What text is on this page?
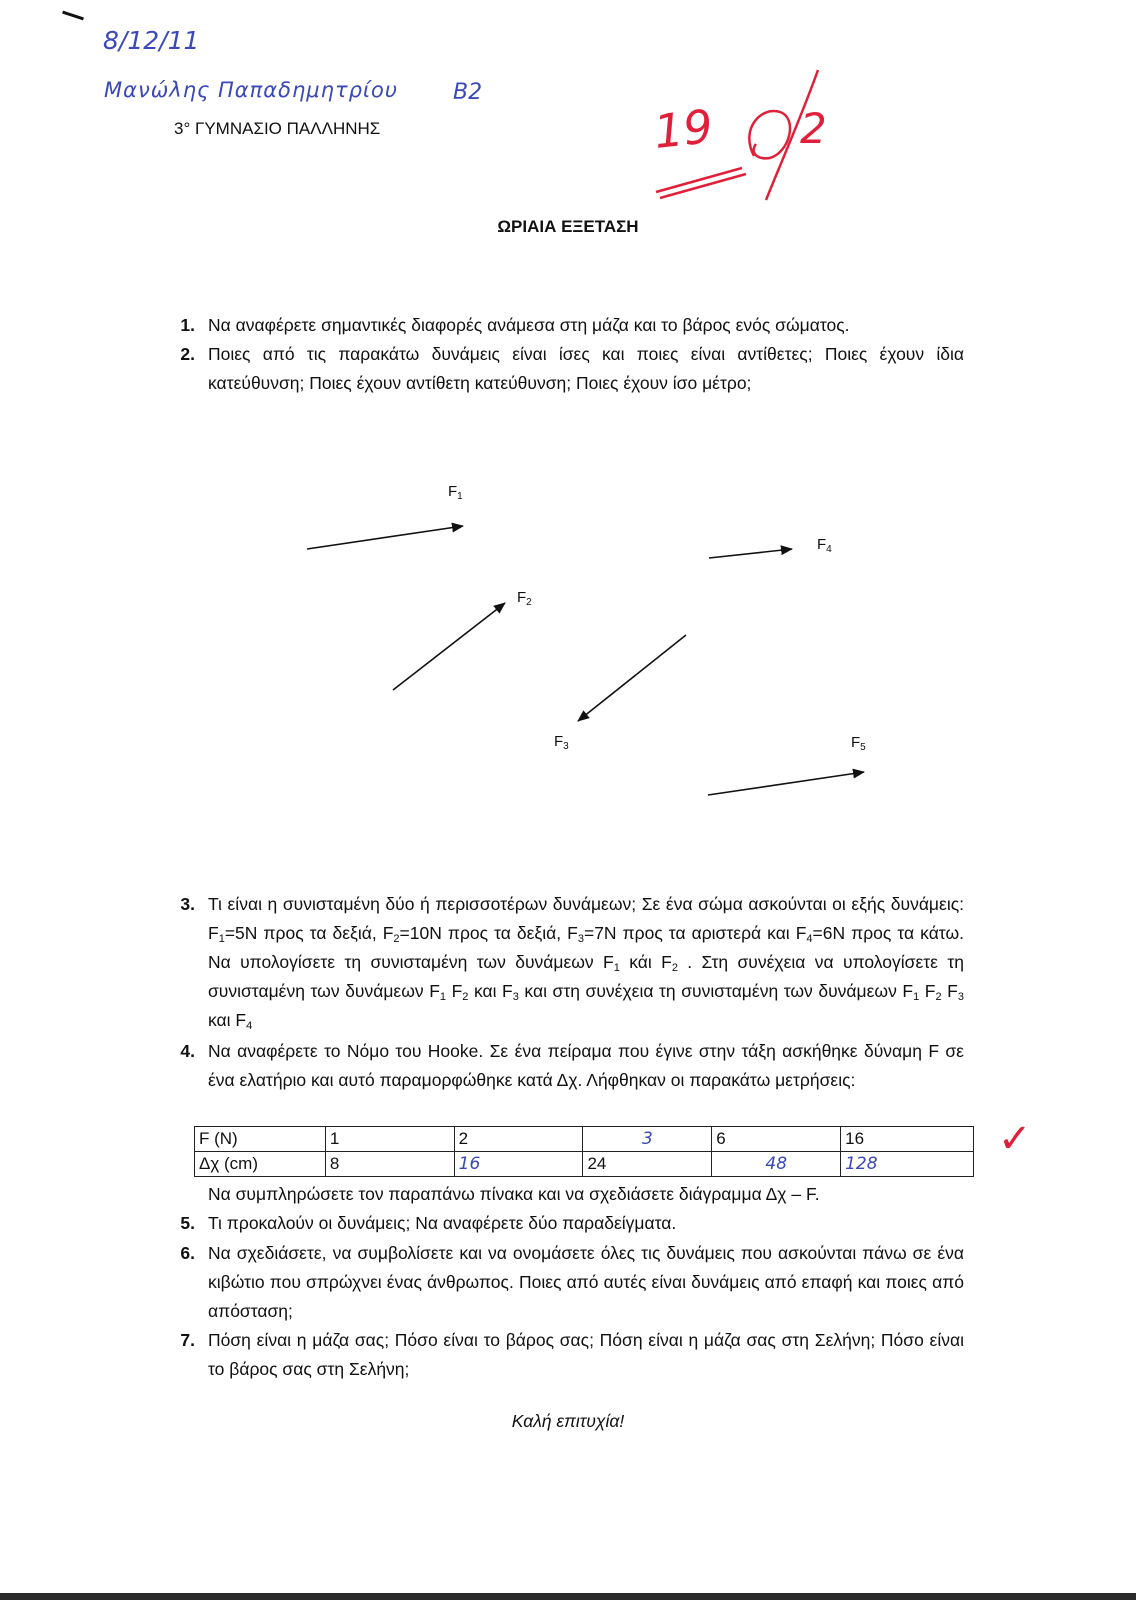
8/12/11
Μανώλης Παπαδημητρίου Β2
19 2
3° ΓΥΜΝΑΣΙΟ ΠΑΛΛΗΝΗΣ
ΩΡΙΑΙΑ ΕΞΕΤΑΣΗ
1. Να αναφέρετε σημαντικές διαφορές ανάμεσα στη μάζα και το βάρος ενός σώματος.
2. Ποιες από τις παρακάτω δυνάμεις είναι ίσες και ποιες είναι αντίθετες; Ποιες έχουν ίδια κατεύθυνση; Ποιες έχουν αντίθετη κατεύθυνση; Ποιες έχουν ίσο μέτρο;
$F_1$
$F_4$
$F_2$
$F_3$	$F_5$
3. Τι είναι η συνισταμένη δύο ή περισσοτέρων δυνάμεων; Σε ένα σώμα ασκούνται οι εξής δυνάμεις: $F_1=5N$ προς τα δεξιά, $F_2=10N$ προς τα δεξιά, $F_3=7N$ προς τα αριστερά και $F_4=6N$ προς τα κάτω. Να υπολογίσετε τη συνισταμένη των δυνάμεων $F_1$ κάι $F_2$ . Στη συνέχεια να υπολογίσετε τη συνισταμένη των δυνάμεων $F_1$ $F_2$ και $F_3$ και στη συνέχεια τη συνισταμένη των δυνάμεων $F_1$ $F_2$ $F_3$ και $F_4$
4. Να αναφέρετε το Νόμο του Hooke. Σε ένα πείραμα που έγινε στην τάξη ασκήθηκε δύναμη F σε ένα ελατήριο και αυτό παραμορφώθηκε κατά Δχ. Λήφθηκαν οι παρακάτω μετρήσεις:
F (N)	1	2	3	6	16
Δχ (cm)	8	16	24	48	128
✓
Να συμπληρώσετε τον παραπάνω πίνακα και να σχεδιάσετε διάγραμμα Δχ – F.
5. Τι προκαλούν οι δυνάμεις; Να αναφέρετε δύο παραδείγματα.
6. Να σχεδιάσετε, να συμβολίσετε και να ονομάσετε όλες τις δυνάμεις που ασκούνται πάνω σε ένα κιβώτιο που σπρώχνει ένας άνθρωπος. Ποιες από αυτές είναι δυνάμεις από επαφή και ποιες από απόσταση;
7. Πόση είναι η μάζα σας; Πόσο είναι το βάρος σας; Πόση είναι η μάζα σας στη Σελήνη; Πόσο είναι το βάρος σας στη Σελήνη;
Καλή επιτυχία!
